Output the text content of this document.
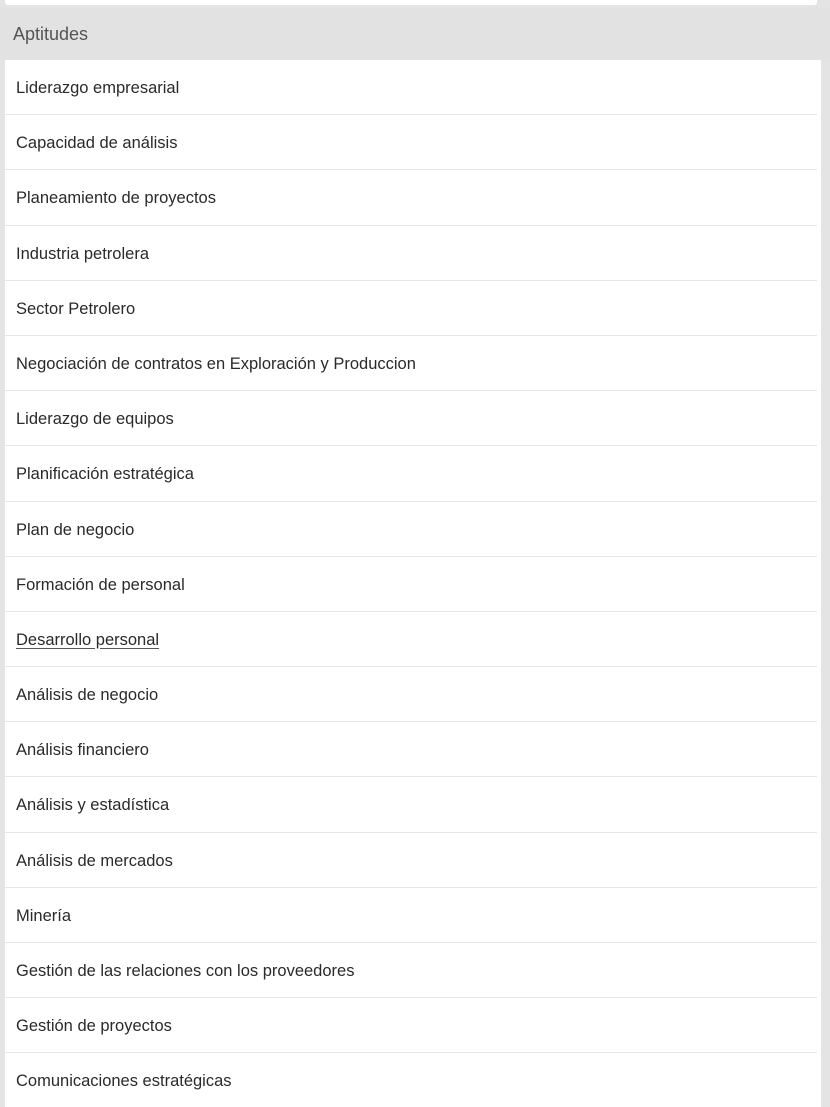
Aptitudes
Liderazgo empresarial
Capacidad de análisis
Planeamiento de proyectos
Industria petrolera
Sector Petrolero
Negociación de contratos en Exploración y Produccion
Liderazgo de equipos
Planificación estratégica
Plan de negocio
Formación de personal
Desarrollo personal
Análisis de negocio
Análisis financiero
Análisis y estadística
Análisis de mercados
Minería
Gestión de las relaciones con los proveedores
Gestión de proyectos
Comunicaciones estratégicas
